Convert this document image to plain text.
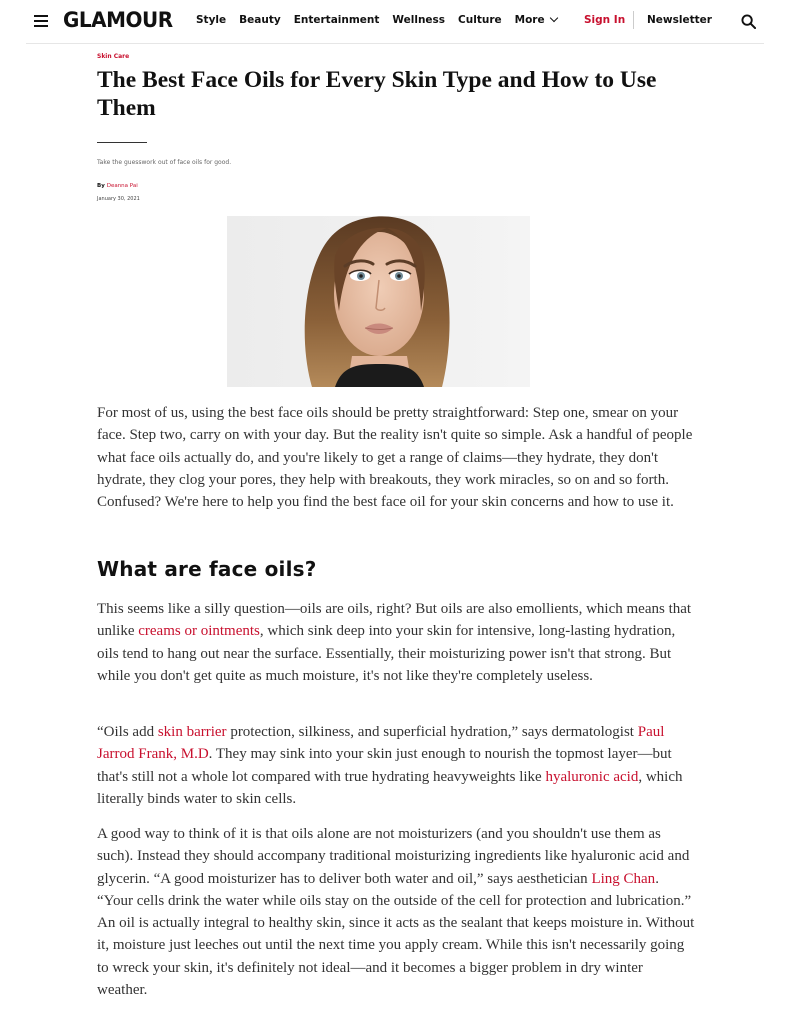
GLAMOUR Style Beauty Entertainment Wellness Culture More	Sign In Newsletter
Skin Care
The Best Face Oils for Every Skin Type and How to Use Them
Take the guesswork out of face oils for good.
By Deanna Pai
January 30, 2021

For most of us, using the best face oils should be pretty straightforward: Step one, smear on your face. Step two, carry on with your day. But the reality isn't quite so simple. Ask a handful of people what face oils actually do, and you're likely to get a range of claims—they hydrate, they don't hydrate, they clog your pores, they help with breakouts, they work miracles, so on and so forth. Confused? We're here to help you find the best face oil for your skin concerns and how to use it.

What are face oils?

This seems like a silly question—oils are oils, right? But oils are also emollients, which means that unlike creams or ointments, which sink deep into your skin for intensive, long-lasting hydration, oils tend to hang out near the surface. Essentially, their moisturizing power isn't that strong. But while you don't get quite as much moisture, it's not like they're completely useless.

“Oils add skin barrier protection, silkiness, and superficial hydration,” says dermatologist Paul Jarrod Frank, M.D. They may sink into your skin just enough to nourish the topmost layer—but that's still not a whole lot compared with true hydrating heavyweights like hyaluronic acid, which literally binds water to skin cells.

A good way to think of it is that oils alone are not moisturizers (and you shouldn't use them as such). Instead they should accompany traditional moisturizing ingredients like hyaluronic acid and glycerin. “A good moisturizer has to deliver both water and oil,” says aesthetician Ling Chan. “Your cells drink the water while oils stay on the outside of the cell for protection and lubrication.” An oil is actually integral to healthy skin, since it acts as the sealant that keeps moisture in. Without it, moisture just leeches out until the next time you apply cream. While this isn't necessarily going to wreck your skin, it's definitely not ideal—and it becomes a bigger problem in dry winter weather.
